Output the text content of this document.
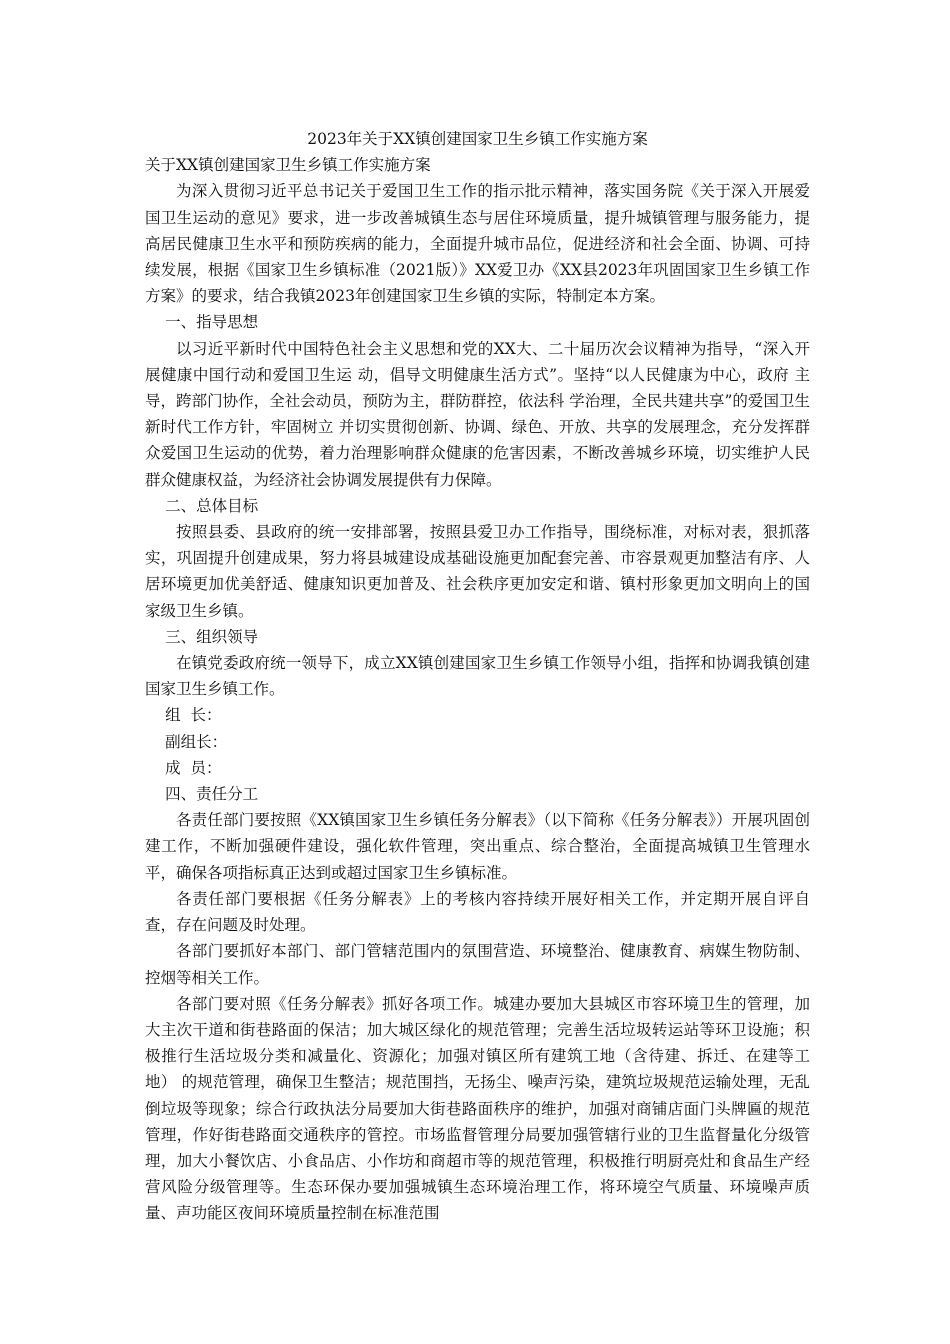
2023年关于XX镇创建国家卫生乡镇工作实施方案

关于XX镇创建国家卫生乡镇工作实施方案

为深入贯彻习近平总书记关于爱国卫生工作的指示批示精神，落实国务院《关于深入开展爱国卫生运动的意见》要求，进一步改善城镇生态与居住环境质量，提升城镇管理与服务能力，提高居民健康卫生水平和预防疾病的能力，全面提升城市品位，促进经济和社会全面、协调、可持续发展，根据《国家卫生乡镇标准（2021版）》XX爱卫办《XX县2023年巩固国家卫生乡镇工作方案》的要求，结合我镇2023年创建国家卫生乡镇的实际，特制定本方案。

一、指导思想

以习近平新时代中国特色社会主义思想和党的XX大、二十届历次会议精神为指导，“深入开展健康中国行动和爱国卫生运 动，倡导文明健康生活方式”。坚持“以人民健康为中心，政府 主导，跨部门协作，全社会动员，预防为主，群防群控，依法科 学治理，全民共建共享”的爱国卫生新时代工作方针，牢固树立 并切实贯彻创新、协调、绿色、开放、共享的发展理念，充分发挥群众爱国卫生运动的优势，着力治理影响群众健康的危害因素，不断改善城乡环境，切实维护人民群众健康权益，为经济社会协调发展提供有力保障。

二、总体目标

按照县委、县政府的统一安排部署，按照县爱卫办工作指导，围绕标准，对标对表，狠抓落实，巩固提升创建成果，努力将县城建设成基础设施更加配套完善、市容景观更加整洁有序、人居环境更加优美舒适、健康知识更加普及、社会秩序更加安定和谐、镇村形象更加文明向上的国家级卫生乡镇。

三、组织领导

在镇党委政府统一领导下，成立XX镇创建国家卫生乡镇工作领导小组，指挥和协调我镇创建国家卫生乡镇工作。

组  长：

副组长：

成  员：

四、责任分工

各责任部门要按照《XX镇国家卫生乡镇任务分解表》（以下简称《任务分解表》）开展巩固创建工作，不断加强硬件建设，强化软件管理，突出重点、综合整治，全面提高城镇卫生管理水平，确保各项指标真正达到或超过国家卫生乡镇标准。

各责任部门要根据《任务分解表》上的考核内容持续开展好相关工作，并定期开展自评自查，存在问题及时处理。

各部门要抓好本部门、部门管辖范围内的氛围营造、环境整治、健康教育、病媒生物防制、控烟等相关工作。

各部门要对照《任务分解表》抓好各项工作。城建办要加大县城区市容环境卫生的管理，加大主次干道和街巷路面的保洁；加大城区绿化的规范管理；完善生活垃圾转运站等环卫设施；积极推行生活垃圾分类和减量化、资源化；加强对镇区所有建筑工地（含待建、拆迁、在建等工地） 的规范管理，确保卫生整洁；规范围挡，无扬尘、噪声污染，建筑垃圾规范运输处理，无乱倒垃圾等现象；综合行政执法分局要加大街巷路面秩序的维护，加强对商铺店面门头牌匾的规范管理，作好街巷路面交通秩序的管控。市场监督管理分局要加强管辖行业的卫生监督量化分级管理，加大小餐饮店、小食品店、小作坊和商超市等的规范管理，积极推行明厨亮灶和食品生产经营风险分级管理等。生态环保办要加强城镇生态环境治理工作，将环境空气质量、环境噪声质量、声功能区夜间环境质量控制在标准范围
